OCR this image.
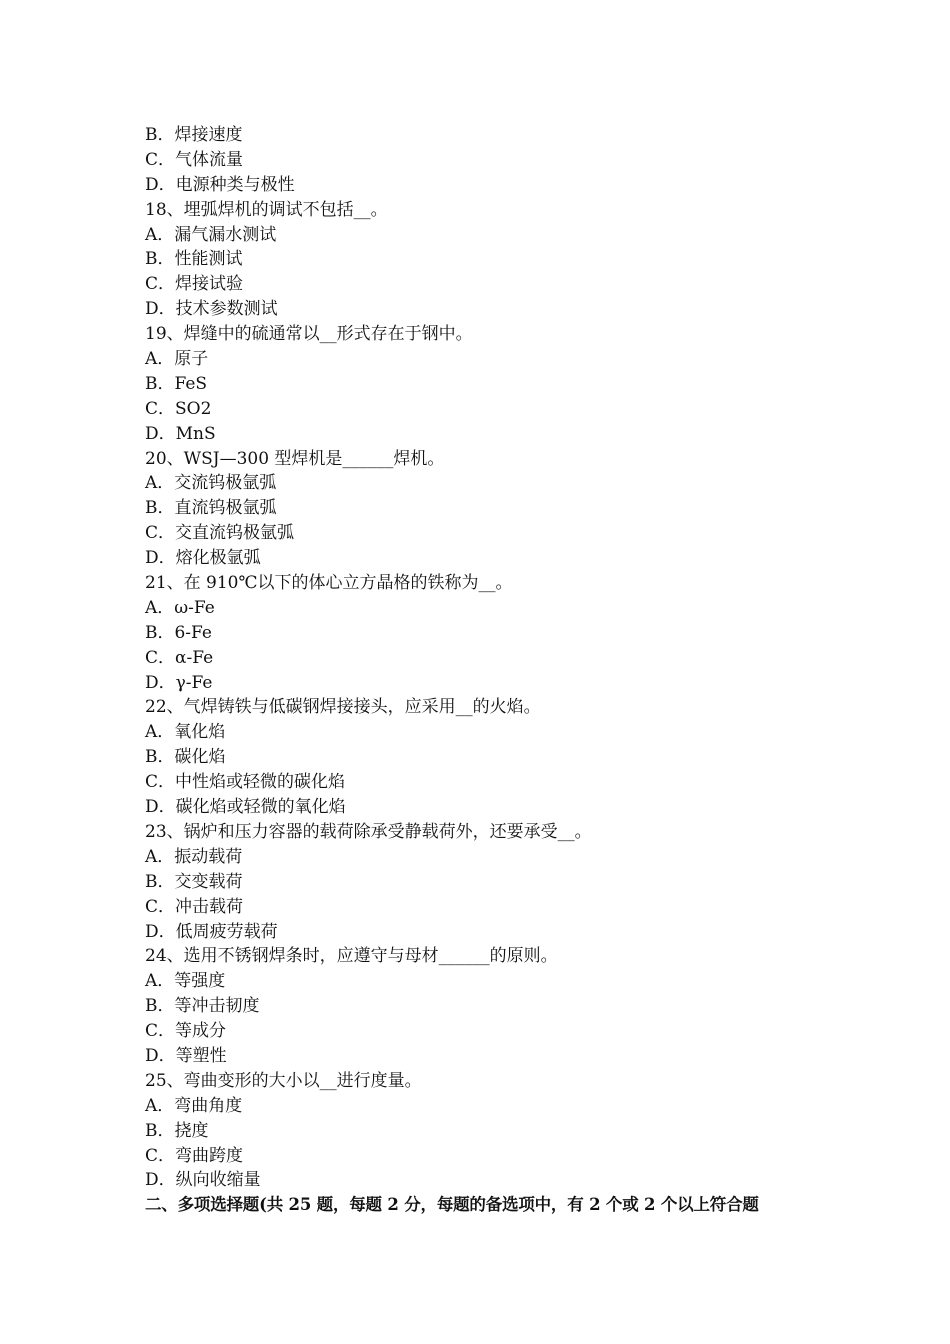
B．焊接速度
C．气体流量
D．电源种类与极性
18、埋弧焊机的调试不包括__。
A．漏气漏水测试
B．性能测试
C．焊接试验
D．技术参数测试
19、焊缝中的硫通常以__形式存在于钢中。
A．原子
B．FeS
C．SO2
D．MnS
20、WSJ—300 型焊机是______焊机。
A．交流钨极氩弧
B．直流钨极氩弧
C．交直流钨极氩弧
D．熔化极氩弧
21、在 910℃以下的体心立方晶格的铁称为__。
A．ω-Fe
B．6-Fe
C．α-Fe
D．γ-Fe
22、气焊铸铁与低碳钢焊接接头，应采用__的火焰。
A．氧化焰
B．碳化焰
C．中性焰或轻微的碳化焰
D．碳化焰或轻微的氧化焰
23、锅炉和压力容器的载荷除承受静载荷外，还要承受__。
A．振动载荷
B．交变载荷
C．冲击载荷
D．低周疲劳载荷
24、选用不锈钢焊条时，应遵守与母材______的原则。
A．等强度
B．等冲击韧度
C．等成分
D．等塑性
25、弯曲变形的大小以__进行度量。
A．弯曲角度
B．挠度
C．弯曲跨度
D．纵向收缩量
二、多项选择题(共 25 题，每题 2 分，每题的备选项中，有 2 个或 2 个以上符合题
